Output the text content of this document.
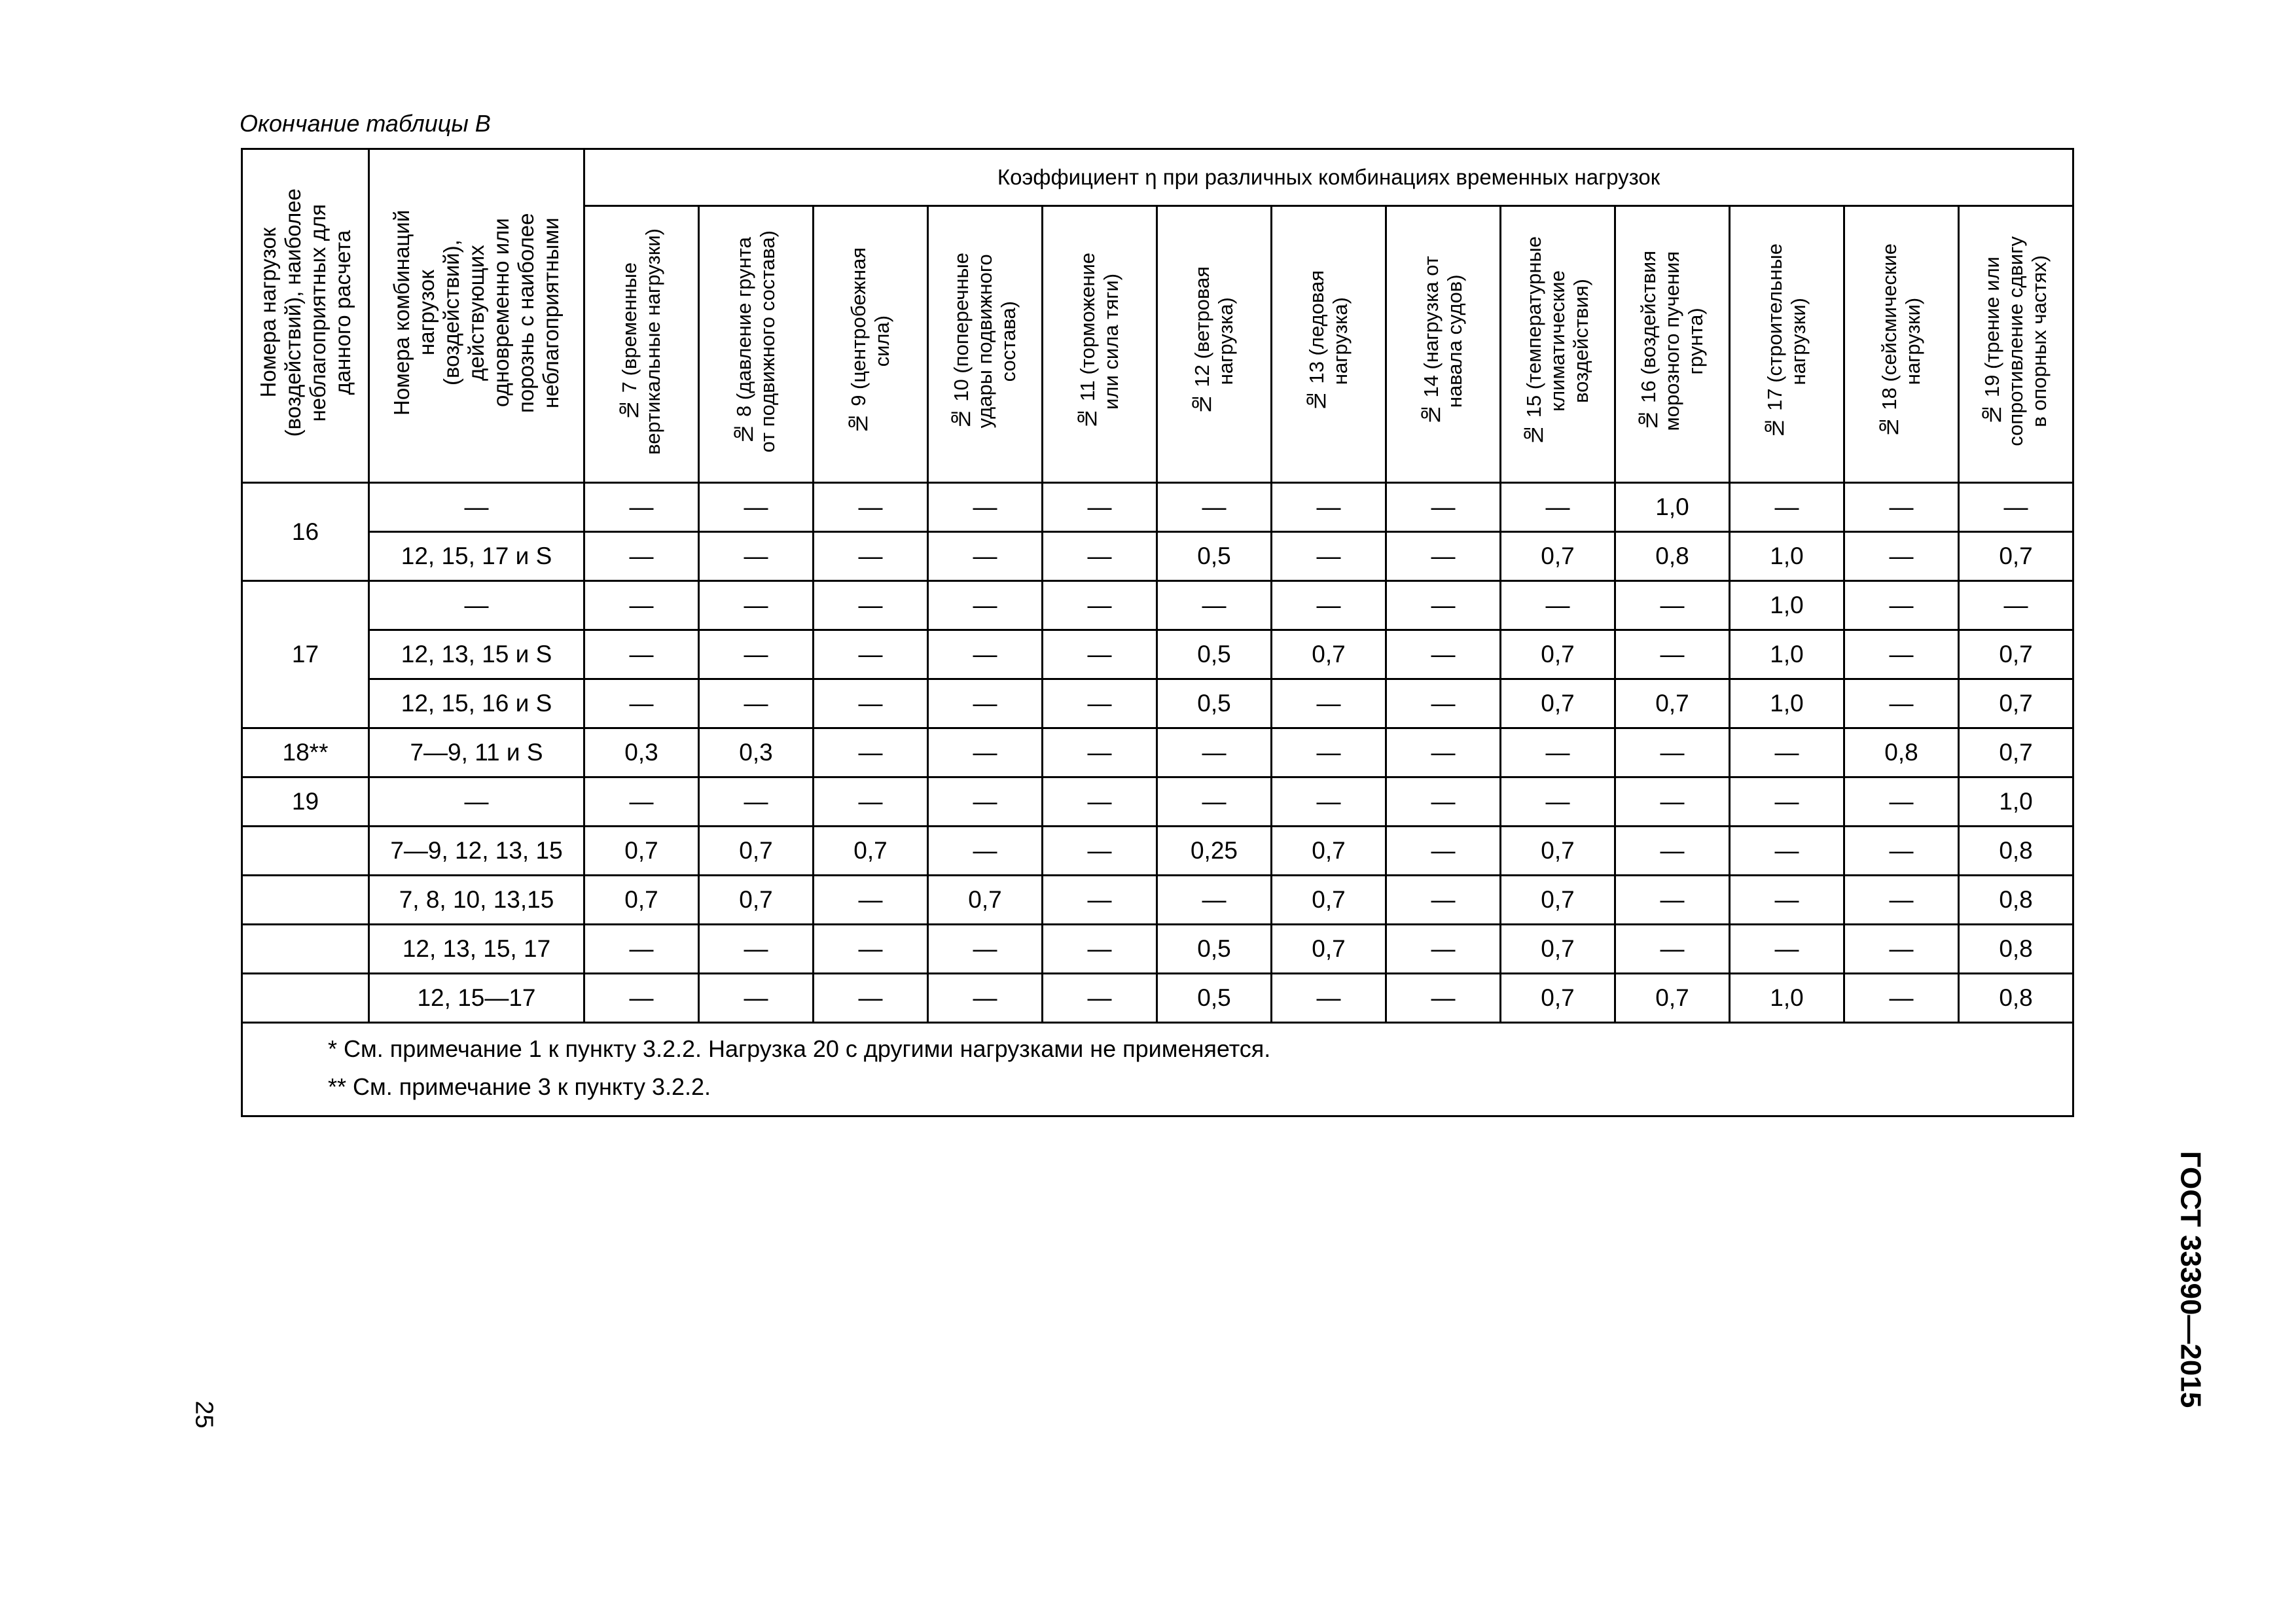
Окончание таблицы В
Номера нагрузок
(воздействий), наиболее
неблагоприятных для
данного расчета	Номера комбинаций нагрузок
(воздействий), действующих
одновременно или
порознь с наиболее
неблагоприятными	Коэффициент η при различных комбинациях временных нагрузок												
		№ 7 (временные
вертикальные нагрузки)	№ 8 (давление грунта
от подвижного состава)	№ 9 (центробежная
сила)	№ 10 (поперечные
удары подвижного
состава)	№ 11 (торможение
или сила тяги)	№ 12 (ветровая
нагрузка)	№ 13 (ледовая
нагрузка)	№ 14 (нагрузка от
навала судов)	№ 15 (температурные
климатические
воздействия)	№ 16 (воздействия
морозного пучения
грунта)	№ 17 (строительные
нагрузки)	№ 18 (сейсмические
нагрузки)	№ 19 (трение или
сопротивление сдвигу
в опорных частях)
16	—	—	—	—	—	—	—	—	—	—	1,0	—	—	—
	12, 15, 17 и S	—	—	—	—	—	0,5	—	—	0,7	0,8	1,0	—	0,7
17	—	—	—	—	—	—	—	—	—	—	—	1,0	—	—
	12, 13, 15 и S	—	—	—	—	—	0,5	0,7	—	0,7	—	1,0	—	0,7
	12, 15, 16 и S	—	—	—	—	—	0,5	—	—	0,7	0,7	1,0	—	0,7
18**	7—9, 11 и S	0,3	0,3	—	—	—	—	—	—	—	—	—	0,8	0,7
19	—	—	—	—	—	—	—	—	—	—	—	—	—	1,0
	7—9, 12, 13, 15	0,7	0,7	0,7	—	—	0,25	0,7	—	0,7	—	—	—	0,8
	7, 8, 10, 13,15	0,7	0,7	—	0,7	—	—	0,7	—	0,7	—	—	—	0,8
	12, 13, 15, 17	—	—	—	—	—	0,5	0,7	—	0,7	—	—	—	0,8
	12, 15—17	—	—	—	—	—	0,5	—	—	0,7	0,7	1,0	—	0,8

* См. примечание 1 к пункту 3.2.2. Нагрузка 20 с другими нагрузками не применяется.
** См. примечание 3 к пункту 3.2.2.														
25
ГОСТ 33390—2015
